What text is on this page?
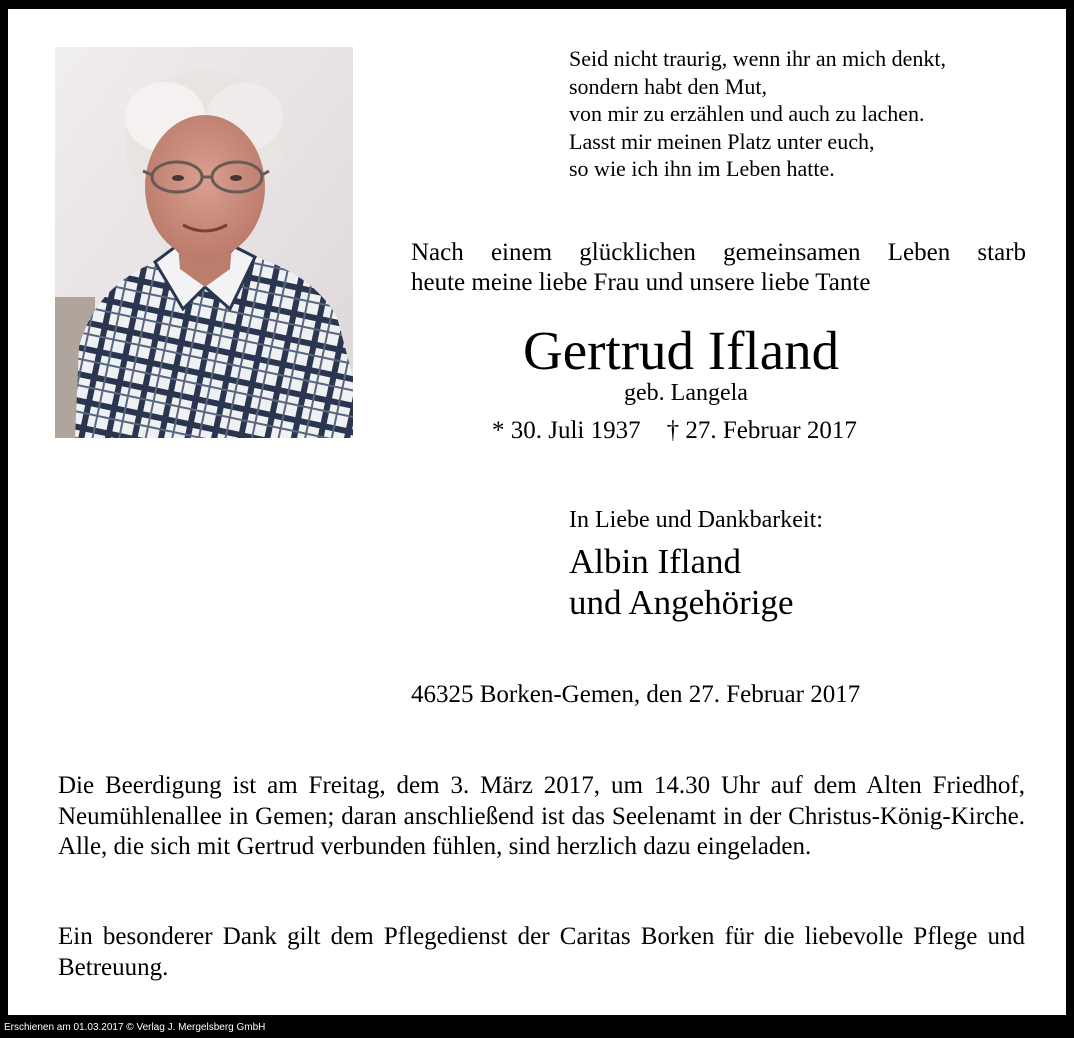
Seid nicht traurig, wenn ihr an mich denkt,
sondern habt den Mut,
von mir zu erzählen und auch zu lachen.
Lasst mir meinen Platz unter euch,
so wie ich ihn im Leben hatte.
Nach einem glücklichen gemeinsamen Leben starb
heute meine liebe Frau und unsere liebe Tante
Gertrud Ifland
geb. Langela
* 30. Juli 1937 † 27. Februar 2017
In Liebe und Dankbarkeit:
Albin Ifland
und Angehörige
46325 Borken-Gemen, den 27. Februar 2017
Die Beerdigung ist am Freitag, dem 3. März 2017, um 14.30 Uhr auf dem Alten Friedhof, Neumühlenallee in Gemen; daran anschließend ist das Seelenamt in der Christus-König-Kirche. Alle, die sich mit Gertrud verbunden fühlen, sind herzlich dazu eingeladen.
Ein besonderer Dank gilt dem Pflegedienst der Caritas Borken für die liebevolle Pflege und Betreuung.
Erschienen am 01.03.2017 © Verlag J. Mergelsberg GmbH
